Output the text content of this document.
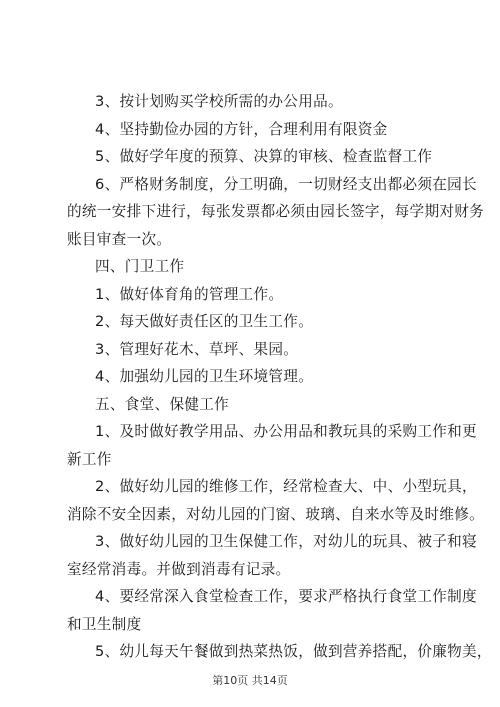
3、按计划购买学校所需的办公用品。
4、坚持勤俭办园的方针，合理利用有限资金
5、做好学年度的预算、决算的审核、检查监督工作
6、严格财务制度，分工明确，一切财经支出都必须在园长
的统一安排下进行，每张发票都必须由园长签字，每学期对财务
账目审查一次。
四、门卫工作
1、做好体育角的管理工作。
2、每天做好责任区的卫生工作。
3、管理好花木、草坪、果园。
4、加强幼儿园的卫生环境管理。
五、食堂、保健工作
1、及时做好教学用品、办公用品和教玩具的采购工作和更
新工作
2、做好幼儿园的维修工作，经常检查大、中、小型玩具，
消除不安全因素，对幼儿园的门窗、玻璃、自来水等及时维修。
3、做好幼儿园的卫生保健工作，对幼儿的玩具、被子和寝
室经常消毒。并做到消毒有记录。
4、要经常深入食堂检查工作，要求严格执行食堂工作制度
和卫生制度
5、幼儿每天午餐做到热菜热饭，做到营养搭配，价廉物美，
第10页 共14页
